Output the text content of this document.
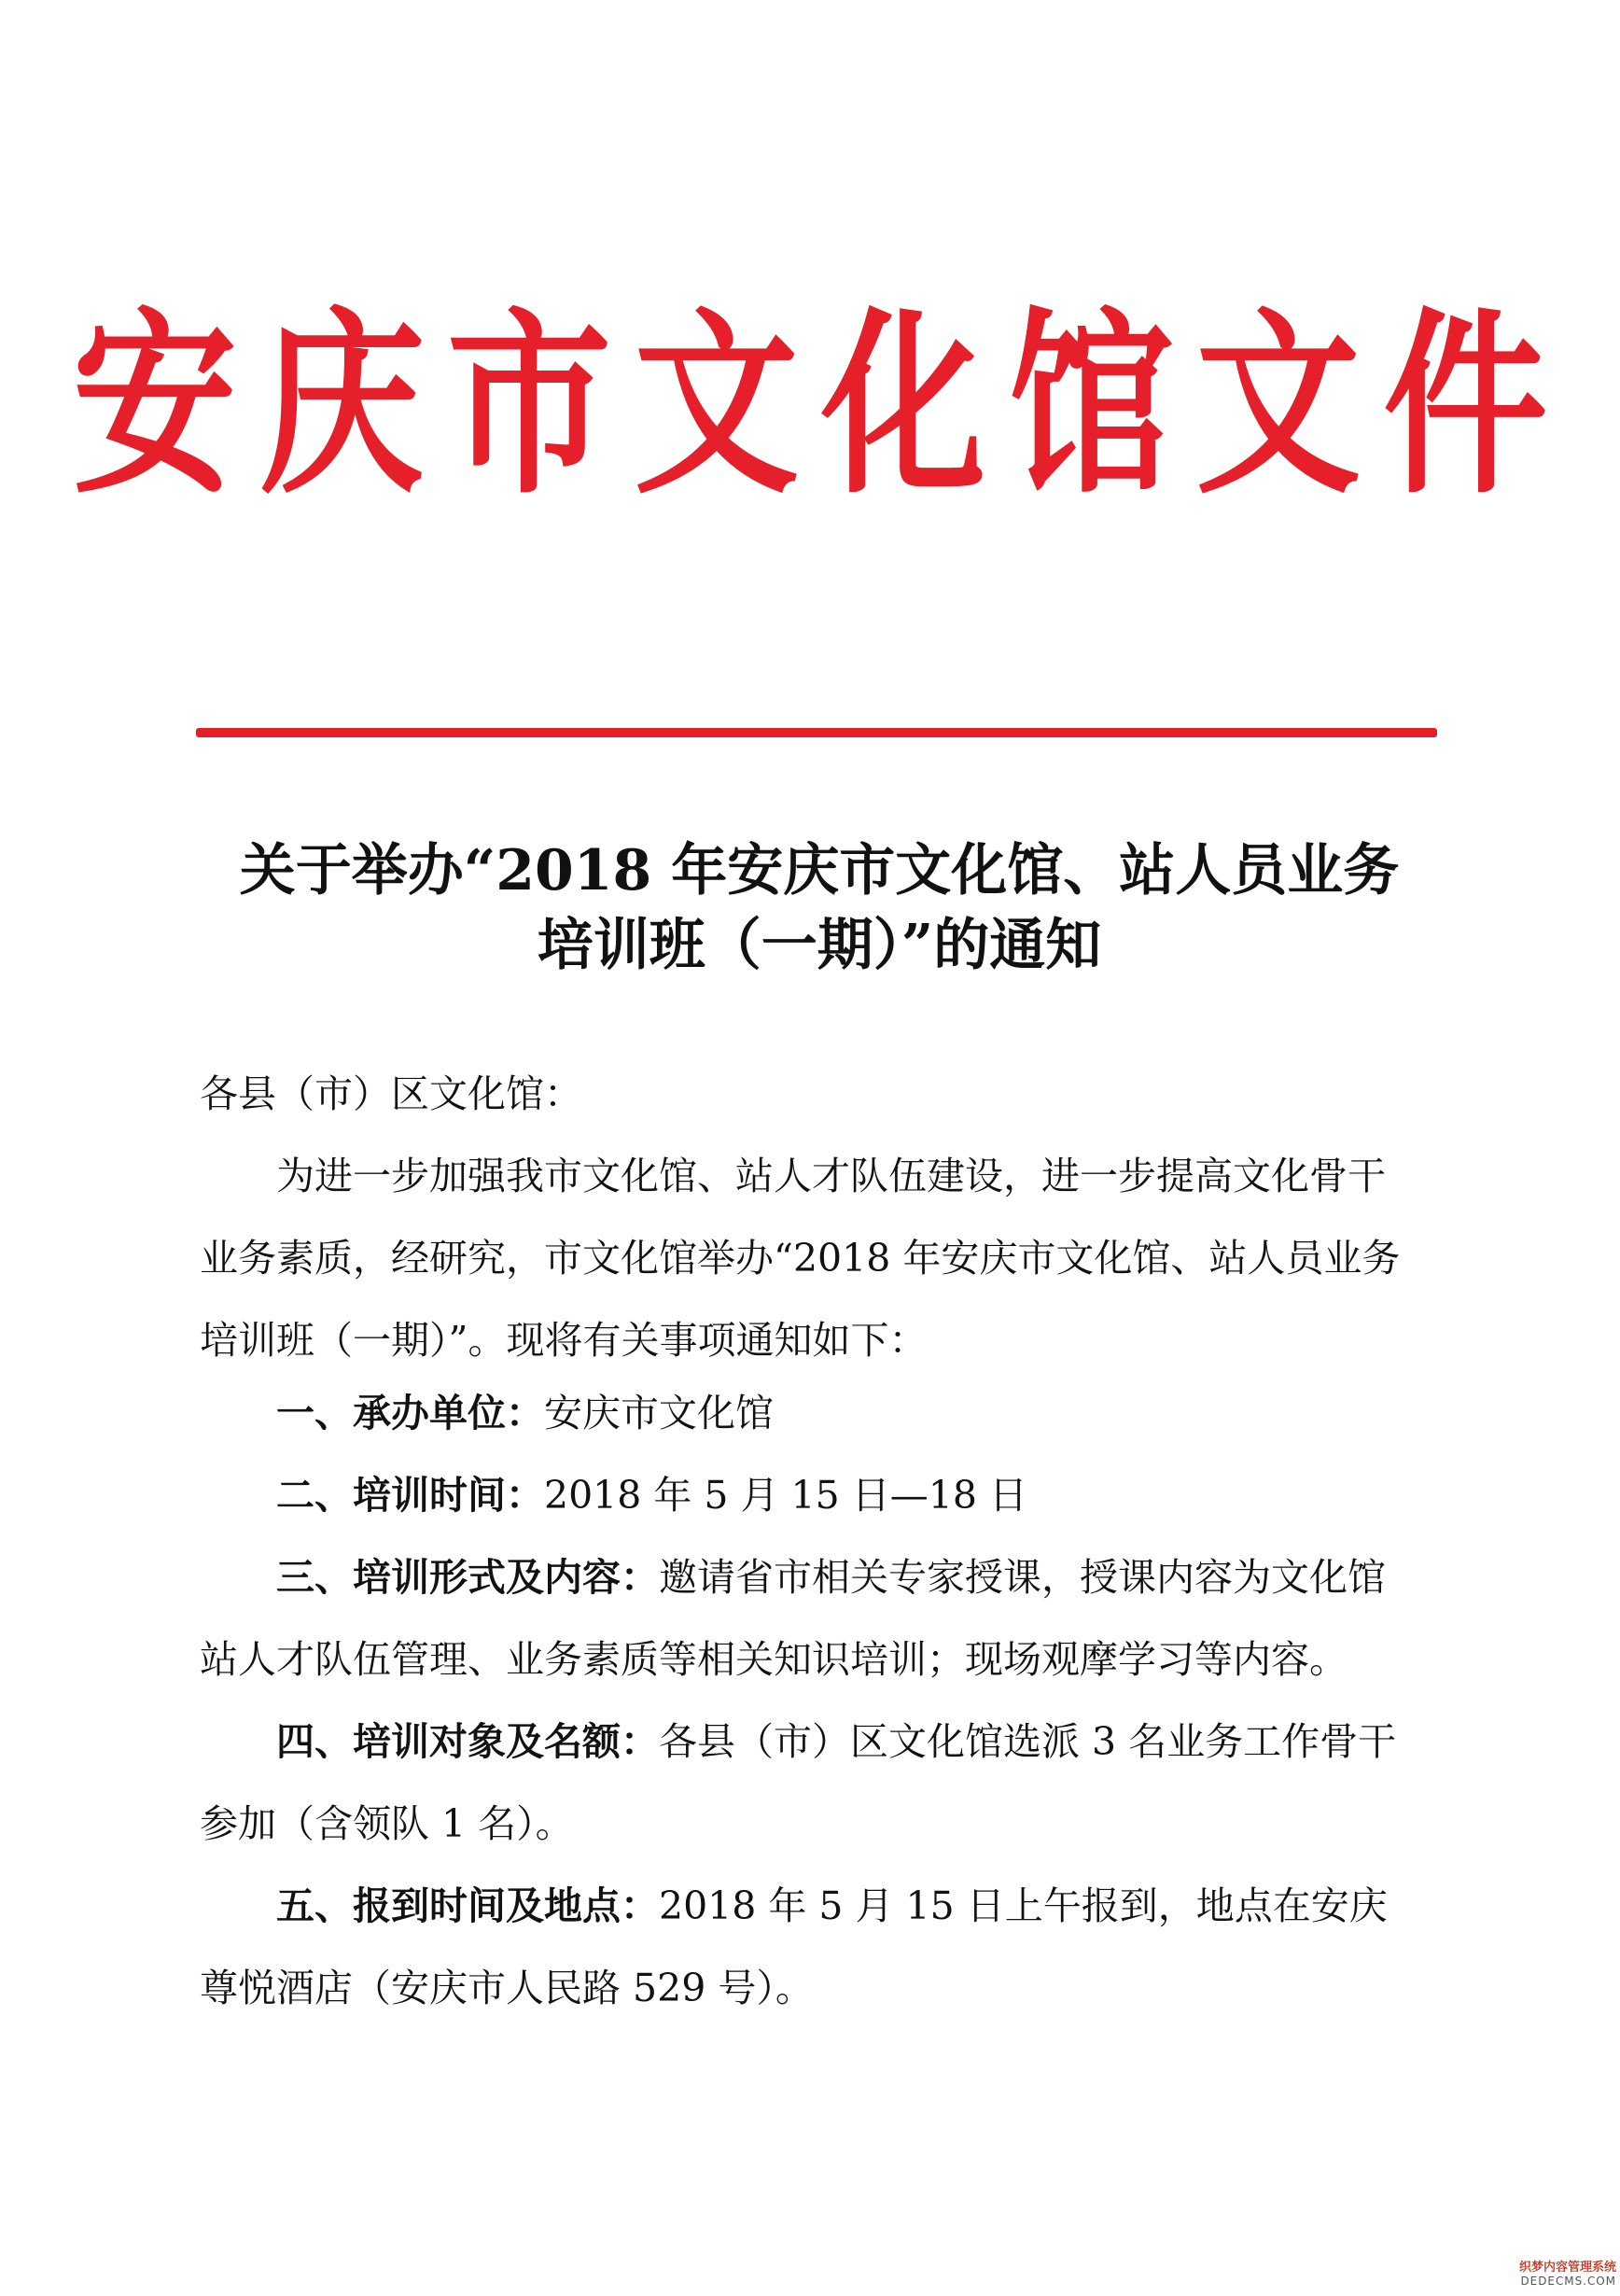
安庆市文化馆文件
关于举办“2018 年安庆市文化馆、站人员业务
培训班（一期）”的通知
各县（市）区文化馆：

为进一步加强我市文化馆、站人才队伍建设，进一步提高文化骨干业务素质，经研究，市文化馆举办“2018 年安庆市文化馆、站人员业务培训班（一期）”。现将有关事项通知如下：

一、承办单位：安庆市文化馆

二、培训时间：2018 年 5 月 15 日—18 日

三、培训形式及内容：邀请省市相关专家授课，授课内容为文化馆站人才队伍管理、业务素质等相关知识培训；现场观摩学习等内容。

四、培训对象及名额：各县（市）区文化馆选派 3 名业务工作骨干参加（含领队 1 名）。

五、报到时间及地点：2018 年 5 月 15 日上午报到，地点在安庆尊悦酒店（安庆市人民路 529 号）。

织梦内容管理系统
DEDECMS.COM
